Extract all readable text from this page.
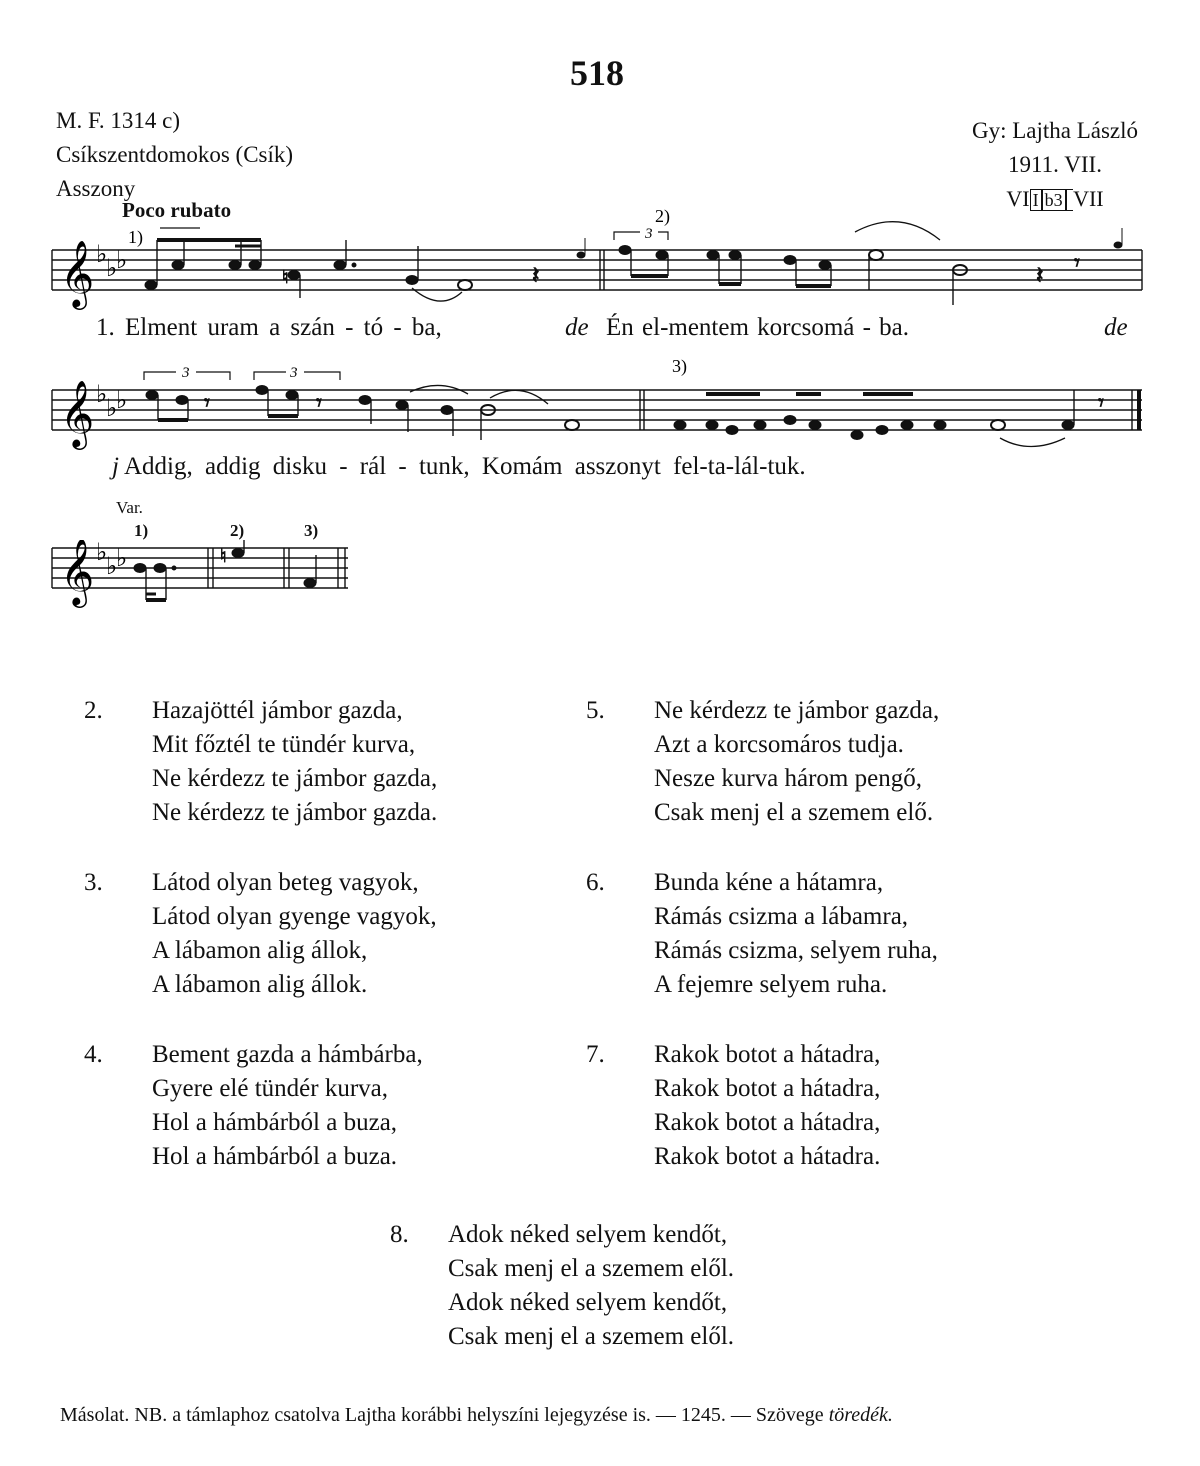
518
M. F. 1314 c)
Csíkszentdomokos (Csík)
Asszony
Gy: Lajtha László
1911. VII.
VI I b3 VII
Poco rubato
𝄞 ♭
♭
♭
1)
♮	𝄽
2)
3
𝄽
𝄾
1. Elment uram a szán - tó - ba,	de Én el-mentem korcsomá - ba.	de
𝄞 ♭
♭
♭
3	3	3)
𝄾	𝄾	𝄾
j Addig, addig disku - rál - tunk, Komám asszonyt fel-ta-lál-tuk.
Var.
1)	2)	3)
𝄞 ♭
♭
♭	♮
2. Hazajöttél jámbor gazda,
Mit főztél te tündér kurva,
Ne kérdezz te jámbor gazda,
Ne kérdezz te jámbor gazda.
3. Látod olyan beteg vagyok,
Látod olyan gyenge vagyok,
A lábamon alig állok,
A lábamon alig állok.
4. Bement gazda a hámbárba,
Gyere elé tündér kurva,
Hol a hámbárból a buza,
Hol a hámbárból a buza.
5. Ne kérdezz te jámbor gazda,
Azt a korcsomáros tudja.
Nesze kurva három pengő,
Csak menj el a szemem elő.
6. Bunda kéne a hátamra,
Rámás csizma a lábamra,
Rámás csizma, selyem ruha,
A fejemre selyem ruha.
7. Rakok botot a hátadra,
Rakok botot a hátadra,
Rakok botot a hátadra,
Rakok botot a hátadra.
8. Adok néked selyem kendőt,
Csak menj el a szemem elől.
Adok néked selyem kendőt,
Csak menj el a szemem elől.
Másolat. NB. a támlaphoz csatolva Lajtha korábbi helyszíni lejegyzése is. — 1245. — Szövege töredék.
